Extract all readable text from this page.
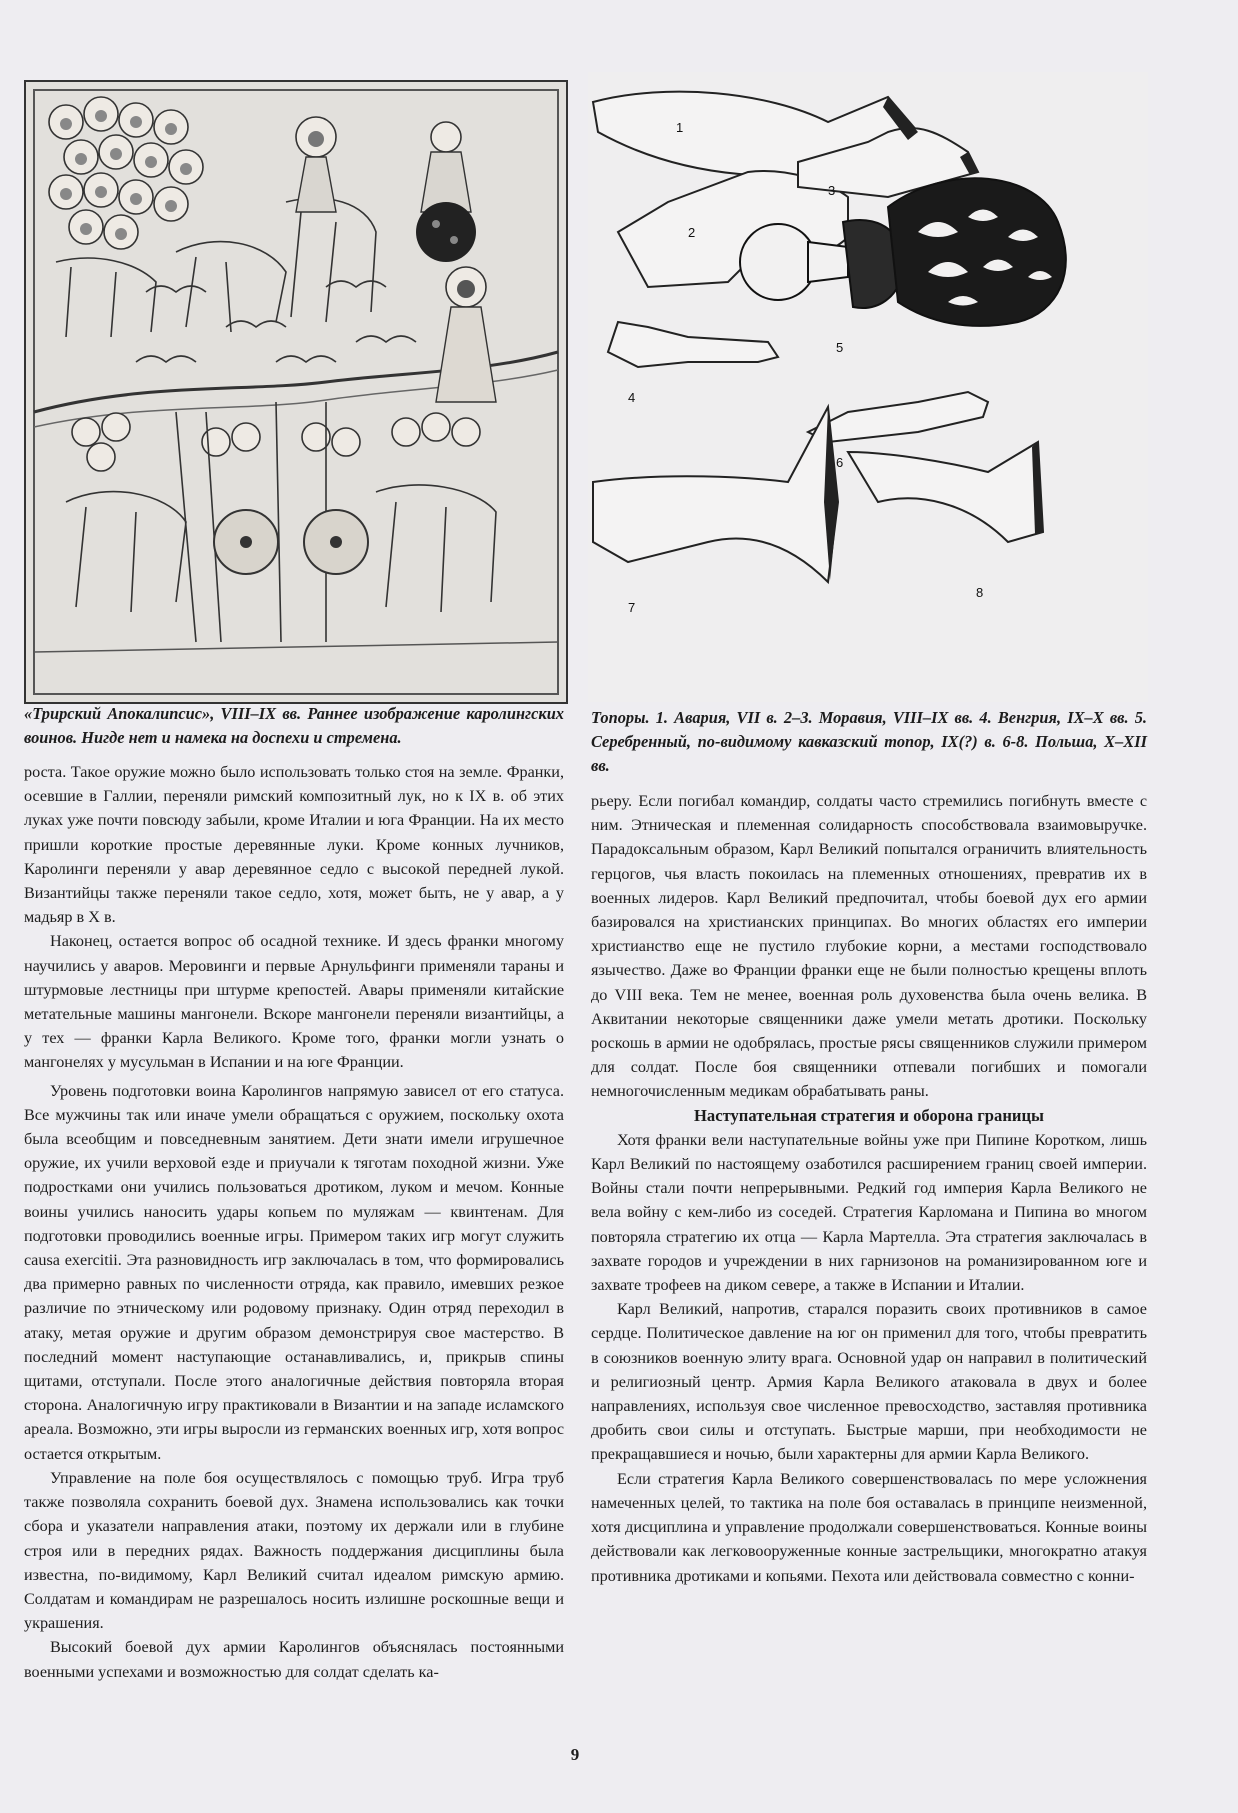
1
2
3
4
5
6
7
8
«Трирский Апокалипсис», VIII–IX вв. Раннее изображение каролингских воинов. Нигде нет и намека на доспехи и стремена.
Топоры. 1. Авария, VII в. 2–3. Моравия, VIII–IX вв. 4. Венгрия, IX–X вв. 5. Серебренный, по-видимому кавказский топор, IX(?) в. 6-8. Польша, X–XII вв.

роста. Такое оружие можно было использовать только стоя на земле. Франки, осевшие в Галлии, переняли римский композитный лук, но к IX в. об этих луках уже почти повсюду забыли, кроме Италии и юга Франции. На их место пришли короткие простые деревянные луки. Кроме конных лучников, Каролинги переняли у авар деревянное седло с высокой передней лукой. Византийцы также переняли такое седло, хотя, может быть, не у авар, а у мадьяр в X в.

Наконец, остается вопрос об осадной технике. И здесь франки многому научились у аваров. Меровинги и первые Арнульфинги применяли тараны и штурмовые лестницы при штурме крепостей. Авары применяли китайские метательные машины мангонели. Вскоре мангонели переняли византийцы, а у тех — франки Карла Великого. Кроме того, франки могли узнать о мангонелях у мусульман в Испании и на юге Франции.

Уровень подготовки воина Каролингов напрямую зависел от его статуса. Все мужчины так или иначе умели обращаться с оружием, поскольку охота была всеобщим и повседневным занятием. Дети знати имели игрушечное оружие, их учили верховой езде и приучали к тяготам походной жизни. Уже подростками они учились пользоваться дротиком, луком и мечом. Конные воины учились наносить удары копьем по муляжам — квинтенам. Для подготовки проводились военные игры. Примером таких игр могут служить causa exercitii. Эта разновидность игр заключалась в том, что формировались два примерно равных по численности отряда, как правило, имевших резкое различие по этническому или родовому признаку. Один отряд переходил в атаку, метая оружие и другим образом демонстрируя свое мастерство. В последний момент наступающие останавливались, и, прикрыв спины щитами, отступали. После этого аналогичные действия повторяла вторая сторона. Аналогичную игру практиковали в Византии и на западе исламского ареала. Возможно, эти игры выросли из германских военных игр, хотя вопрос остается открытым.

Управление на поле боя осуществлялось с помощью труб. Игра труб также позволяла сохранить боевой дух. Знамена использовались как точки сбора и указатели направления атаки, поэтому их держали или в глубине строя или в передних рядах. Важность поддержания дисциплины была известна, по-видимому, Карл Великий считал идеалом римскую армию. Солдатам и командирам не разрешалось носить излишне роскошные вещи и украшения.

Высокий боевой дух армии Каролингов объяснялась постоянными военными успехами и возможностью для солдат сделать ка-

рьеру. Если погибал командир, солдаты часто стремились погибнуть вместе с ним. Этническая и племенная солидарность способствовала взаимовыручке. Парадоксальным образом, Карл Великий попытался ограничить влиятельность герцогов, чья власть покоилась на племенных отношениях, превратив их в военных лидеров. Карл Великий предпочитал, чтобы боевой дух его армии базировался на христианских принципах. Во многих областях его империи христианство еще не пустило глубокие корни, а местами господствовало язычество. Даже во Франции франки еще не были полностью крещены вплоть до VIII века. Тем не менее, военная роль духовенства была очень велика. В Аквитании некоторые священники даже умели метать дротики. Поскольку роскошь в армии не одобрялась, простые рясы священников служили примером для солдат. После боя священники отпевали погибших и помогали немногочисленным медикам обрабатывать раны.

Наступательная стратегия и оборона границы

Хотя франки вели наступательные войны уже при Пипине Коротком, лишь Карл Великий по настоящему озаботился расширением границ своей империи. Войны стали почти непрерывными. Редкий год империя Карла Великого не вела войну с кем-либо из соседей. Стратегия Карломана и Пипина во многом повторяла стратегию их отца — Карла Мартелла. Эта стратегия заключалась в захвате городов и учреждении в них гарнизонов на романизированном юге и захвате трофеев на диком севере, а также в Испании и Италии.

Карл Великий, напротив, старался поразить своих противников в самое сердце. Политическое давление на юг он применил для того, чтобы превратить в союзников военную элиту врага. Основной удар он направил в политический и религиозный центр. Армия Карла Великого атаковала в двух и более направлениях, используя свое численное превосходство, заставляя противника дробить свои силы и отступать. Быстрые марши, при необходимости не прекращавшиеся и ночью, были характерны для армии Карла Великого.

Если стратегия Карла Великого совершенствовалась по мере усложнения намеченных целей, то тактика на поле боя оставалась в принципе неизменной, хотя дисциплина и управление продолжали совершенствоваться. Конные воины действовали как легковооруженные конные застрельщики, многократно атакуя противника дротиками и копьями. Пехота или действовала совместно с конни-

9
